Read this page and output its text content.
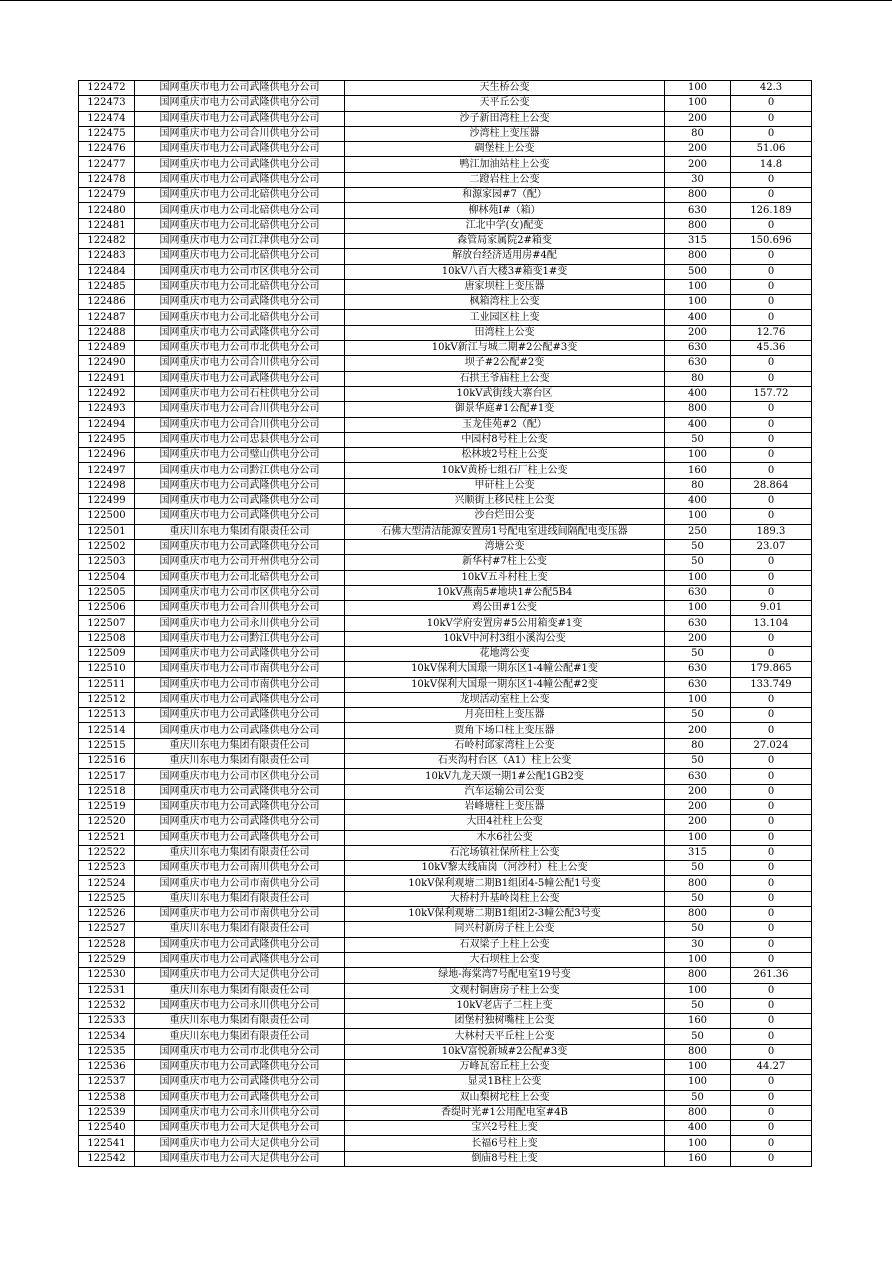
122472	国网重庆市电力公司武隆供电分公司	天生桥公变	100	42.3
122473	国网重庆市电力公司武隆供电分公司	天平丘公变	100	0
122474	国网重庆市电力公司武隆供电分公司	沙子新田湾柱上公变	200	0
122475	国网重庆市电力公司合川供电分公司	沙湾柱上变压器	80	0
122476	国网重庆市电力公司武隆供电分公司	碉堡柱上公变	200	51.06
122477	国网重庆市电力公司武隆供电分公司	鸭江加油站柱上公变	200	14.8
122478	国网重庆市电力公司武隆供电分公司	二蹬岩柱上公变	30	0
122479	国网重庆市电力公司北碚供电分公司	和源家园#7（配）	800	0
122480	国网重庆市电力公司北碚供电分公司	柳林苑Ⅰ#（箱）	630	126.189
122481	国网重庆市电力公司北碚供电分公司	江北中学(女)配变	800	0
122482	国网重庆市电力公司江津供电分公司	森管局家属院2#箱变	315	150.696
122483	国网重庆市电力公司北碚供电分公司	解放台经济适用房#4配	800	0
122484	国网重庆市电力公司市区供电分公司	10kV八百大楼3#箱变1#变	500	0
122485	国网重庆市电力公司北碚供电分公司	唐家坝柱上变压器	100	0
122486	国网重庆市电力公司武隆供电分公司	枫箱湾柱上公变	100	0
122487	国网重庆市电力公司北碚供电分公司	工业园区柱上变	400	0
122488	国网重庆市电力公司武隆供电分公司	田湾柱上公变	200	12.76
122489	国网重庆市电力公司市北供电分公司	10kV新江与城二期#2公配#3变	630	45.36
122490	国网重庆市电力公司合川供电分公司	坝子#2公配#2变	630	0
122491	国网重庆市电力公司武隆供电分公司	石拱王爷庙柱上公变	80	0
122492	国网重庆市电力公司石柱供电分公司	10kV武街线大寨台区	400	157.72
122493	国网重庆市电力公司合川供电分公司	御景华庭#1公配#1变	800	0
122494	国网重庆市电力公司合川供电分公司	玉龙佳苑#2（配）	400	0
122495	国网重庆市电力公司忠县供电分公司	中园村8号柱上公变	50	0
122496	国网重庆市电力公司璧山供电分公司	松林坡2号柱上公变	100	0
122497	国网重庆市电力公司黔江供电分公司	10kV黄桥七组石厂柱上公变	160	0
122498	国网重庆市电力公司武隆供电分公司	甲矸柱上公变	80	28.864
122499	国网重庆市电力公司武隆供电分公司	兴顺街上移民柱上公变	400	0
122500	国网重庆市电力公司武隆供电分公司	沙台烂田公变	100	0
122501	重庆川东电力集团有限责任公司	石佛大型清洁能源安置房1号配电室进线间隔配电变压器	250	189.3
122502	国网重庆市电力公司武隆供电分公司	湾塘公变	50	23.07
122503	国网重庆市电力公司开州供电分公司	新华村#7柱上公变	50	0
122504	国网重庆市电力公司北碚供电分公司	10kV五斗村柱上变	100	0
122505	国网重庆市电力公司市区供电分公司	10kV燕南5#地块1#公配5B4	630	0
122506	国网重庆市电力公司合川供电分公司	鸡公田#1公变	100	9.01
122507	国网重庆市电力公司永川供电分公司	10kV学府安置房#5公用箱变#1变	630	13.104
122508	国网重庆市电力公司黔江供电分公司	10kV中河村3组小溪沟公变	200	0
122509	国网重庆市电力公司武隆供电分公司	花地湾公变	50	0
122510	国网重庆市电力公司市南供电分公司	10kV保利大国璟一期东区1-4幢公配#1变	630	179.865
122511	国网重庆市电力公司市南供电分公司	10kV保利大国璟一期东区1-4幢公配#2变	630	133.749
122512	国网重庆市电力公司武隆供电分公司	龙坝活动室柱上公变	100	0
122513	国网重庆市电力公司武隆供电分公司	月亮田柱上变压器	50	0
122514	国网重庆市电力公司武隆供电分公司	贾角下场口柱上变压器	200	0
122515	重庆川东电力集团有限责任公司	石岭村邱家湾柱上公变	80	27.024
122516	重庆川东电力集团有限责任公司	石夹沟村台区（A1）柱上公变	50	0
122517	国网重庆市电力公司市区供电分公司	10kV九龙天颂一期1#公配1GB2变	630	0
122518	国网重庆市电力公司武隆供电分公司	汽车运输公司公变	200	0
122519	国网重庆市电力公司武隆供电分公司	岩峰塘柱上变压器	200	0
122520	国网重庆市电力公司武隆供电分公司	大田4社柱上公变	200	0
122521	国网重庆市电力公司武隆供电分公司	木水6社公变	100	0
122522	重庆川东电力集团有限责任公司	石沱场镇社保所柱上公变	315	0
122523	国网重庆市电力公司南川供电分公司	10kV黎太线庙岗（河沙村）柱上公变	50	0
122524	国网重庆市电力公司市南供电分公司	10kV保利观塘二期B1组团4-5幢公配1号变	800	0
122525	重庆川东电力集团有限责任公司	大桥村升基岭岗柱上公变	50	0
122526	国网重庆市电力公司市南供电分公司	10kV保利观塘二期B1组团2-3幢公配3号变	800	0
122527	重庆川东电力集团有限责任公司	同兴村新房子柱上公变	50	0
122528	国网重庆市电力公司武隆供电分公司	石双梁子上柱上公变	30	0
122529	国网重庆市电力公司武隆供电分公司	大石坝柱上公变	100	0
122530	国网重庆市电力公司大足供电分公司	绿地-海棠湾7号配电室19号变	800	261.36
122531	重庆川东电力集团有限责任公司	文观村铜唐房子柱上公变	100	0
122532	国网重庆市电力公司永川供电分公司	10kV老店子二柱上变	50	0
122533	重庆川东电力集团有限责任公司	团堡村独树嘴柱上公变	160	0
122534	重庆川东电力集团有限责任公司	大林村天平丘柱上公变	50	0
122535	国网重庆市电力公司市北供电分公司	10kV富悦新城#2公配#3变	800	0
122536	国网重庆市电力公司武隆供电分公司	万峰瓦窑丘柱上公变	100	44.27
122537	国网重庆市电力公司武隆供电分公司	显灵1B柱上公变	100	0
122538	国网重庆市电力公司武隆供电分公司	双山梨树坨柱上公变	50	0
122539	国网重庆市电力公司永川供电分公司	香缇时光#1公用配电室#4B	800	0
122540	国网重庆市电力公司大足供电分公司	宝兴2号柱上变	400	0
122541	国网重庆市电力公司大足供电分公司	长福6号柱上变	100	0
122542	国网重庆市电力公司大足供电分公司	倒庙8号柱上变	160	0
